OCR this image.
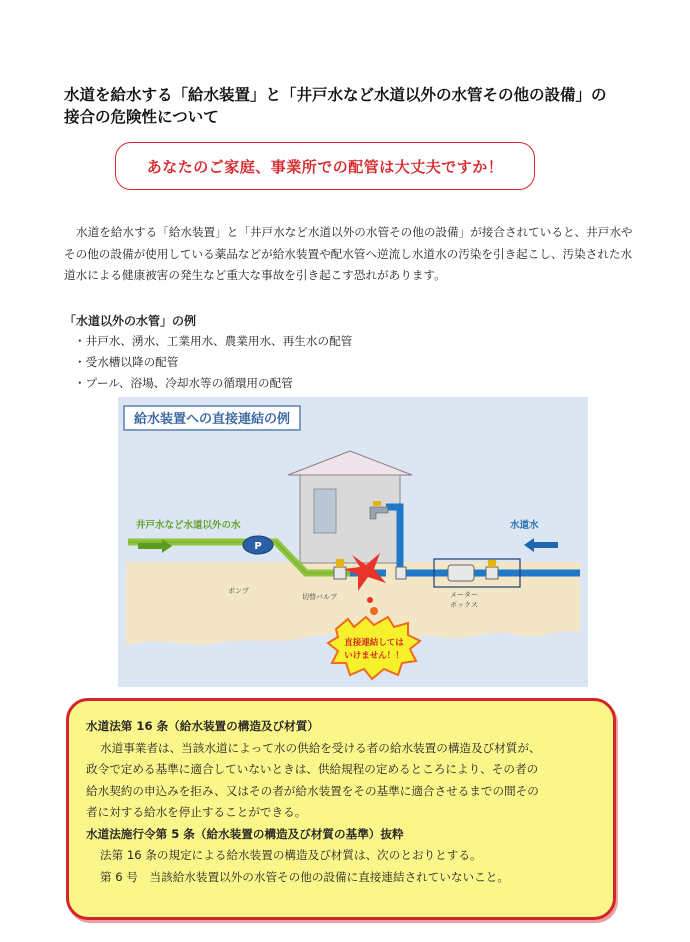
水道を給水する「給水装置」と「井戸水など水道以外の水管その他の設備」の
接合の危険性について
あなたのご家庭、事業所での配管は大丈夫ですか！
水道を給水する「給水装置」と「井戸水など水道以外の水管その他の設備」が接合されていると、井戸水やその他の設備が使用している薬品などが給水装置や配水管へ逆流し水道水の汚染を引き起こし、汚染された水道水による健康被害の発生など重大な事故を引き起こす恐れがあります。
「水道以外の水管」の例
・ 井戸水、湧水、工業用水、農業用水、再生水の配管
・ 受水槽以降の配管
・ プール、浴場、冷却水等の循環用の配管
給水装置への直接連結の例
P
ポンプ
切替バルブ	メーター
ボックス
井戸水など水道以外の水	水道水
直接連結しては
いけません！！
水道法第 16 条（給水装置の構造及び材質）
水道事業者は、当該水道によって水の供給を受ける者の給水装置の構造及び材質が、
政令で定める基準に適合していないときは、供給規程の定めるところにより、その者の
給水契約の申込みを拒み、又はその者が給水装置をその基準に適合させるまでの間その
者に対する給水を停止することができる。
水道法施行令第 5 条（給水装置の構造及び材質の基準）抜粋
法第 16 条の規定による給水装置の構造及び材質は、次のとおりとする。
第 6 号　当該給水装置以外の水管その他の設備に直接連結されていないこと。
